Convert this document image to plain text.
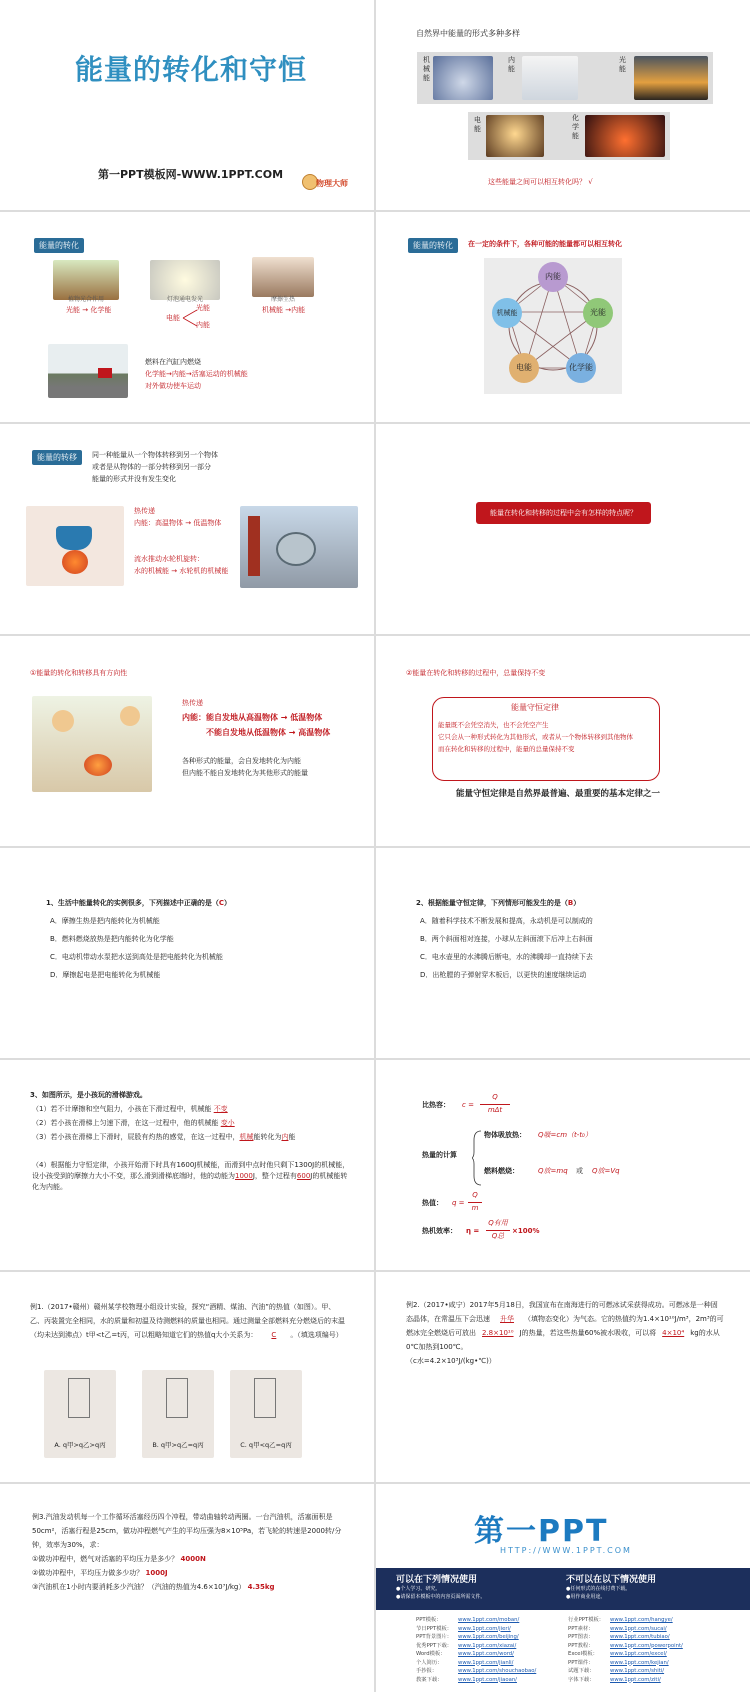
能量的转化和守恒
第一PPT模板网-WWW.1PPT.COM
物理大师
自然界中能量的形式多种多样
机械能
内能
光能
电能
化学能
这些能量之间可以相互转化吗？ √
能量的转化
植物光合作用	灯泡通电发光	摩擦生热
光能 → 化学能
电能
光能
内能
机械能 →内能
燃料在汽缸内燃烧
化学能→内能→活塞运动的机械能
对外做功使车运动
能量的转化	在一定的条件下，各种可能的能量都可以相互转化
内能
光能
化学能
电能
机械能
能量的转移	同一种能量从一个物体转移到另一个物体
或者是从物体的一部分转移到另一部分
能量的形式并没有发生变化
热传递
内能：高温物体 → 低温物体
流水推动水轮机旋转：
水的机械能 → 水轮机的机械能
能量在转化和转移的过程中会有怎样的特点呢？
①能量的转化和转移具有方向性
热传递
内能：能自发地从高温物体 → 低温物体
不能自发地从低温物体 → 高温物体
各种形式的能量，会自发地转化为内能
但内能不能自发地转化为其他形式的能量
②能量在转化和转移的过程中，总量保持不变
能量守恒定律
能量既不会凭空消失，也不会凭空产生
它只会从一种形式转化为其他形式，或者从一个物体转移到其他物体
而在转化和转移的过程中，能量的总量保持不变
能量守恒定律是自然界最普遍、最重要的基本定律之一
1、生活中能量转化的实例很多，下列描述中正确的是（C）
A．摩擦生热是把内能转化为机械能
B．燃料燃烧放热是把内能转化为化学能
C．电动机带动水泵把水送到高处是把电能转化为机械能
D．摩擦起电是把电能转化为机械能
2、根据能量守恒定律，下列情形可能发生的是（B）
A．随着科学技术不断发展和提高，永动机是可以制成的
B．两个斜面相对连接，小球从左斜面滚下后冲上右斜面
C．电水壶里的水沸腾后断电，水的沸腾却一直持续下去
D．出枪膛的子弹射穿木板后，以更快的速度继续运动
3、如图所示，是小孩玩的滑梯游戏。
（1）若不计摩擦和空气阻力，小孩在下滑过程中，机械能 不变
（2）若小孩在滑梯上匀速下滑，在这一过程中，他的机械能 变小
（3）若小孩在滑梯上下滑时，屁股有灼热的感觉，在这一过程中，机械能转化为内能
（4）根据能力守恒定律，小孩开始滑下时具有1600J机械能，而滑到中点时他只剩下1300J的机械能，设小孩受到的摩擦力大小不变，那么滑到滑梯底端时，他的动能为1000J，整个过程有600J的机械能转化为内能。
比热容： c =
Q
mΔt
热量的计算
物体吸放热： Q吸=cm（t-t₀）
燃料燃烧：	Q放=mq 或 Q放=Vq
热值： q =
Q
m
热机效率： η =
Q有用
Q总
×100%
例1.（2017•赣州）赣州某学校物理小组设计实验，探究“酒精、煤油、汽油”的热值（如图）。甲、乙、丙装置完全相同，水的质量和初温及待测燃料的质量也相同。通过测量全部燃料充分燃烧后的末温（均未达到沸点）t甲<t乙=t丙，可以粗略知道它们的热值q大小关系为： C 。（填选项编号）
A. q甲>q乙>q丙	B. q甲>q乙=q丙	C. q甲<q乙=q丙
例2.（2017•咸宁）2017年5月18日，我国宣布在南海进行的可燃冰试采获得成功。可燃冰是一种固态晶体，在常温压下会迅速 升华 （填物态变化）为气态。它的热值约为1.4×10¹⁰J/m³，2m³的可燃冰完全燃烧后可放出 2.8×10¹⁰ J的热量，若这些热量60%被水吸收，可以将 4×10⁴ kg的水从0℃加热到100℃。
（c水=4.2×10³J/(kg•℃)）
例3.汽油发动机每一个工作循环活塞经历四个冲程，带动曲轴转动两圈。一台汽油机，活塞面积是50cm²，活塞行程是25cm，做功冲程燃气产生的平均压强为8×10⁵Pa，若飞轮的转速是2000转/分钟，效率为30%，求：
①做功冲程中，燃气对活塞的平均压力是多少？ 4000N
②做功冲程中，平均压力做多少功？ 1000J
③汽油机在1小时内要消耗多少汽油？（汽油的热值为4.6×10⁷J/kg） 4.35kg
第一PPT
HTTP://WWW.1PPT.COM
可以在下列情况使用
●个人学习、研究。
●请保留本模板中的内容页面所需文件。
不可以在以下情况使用
●任何形式的在线付费下载。
●用作商业用途。
PPT模板：	www.1ppt.com/moban/
节日PPT模板： www.1ppt.com/jieri/
PPT背景图片： www.1ppt.com/beijing/
优秀PPT下载： www.1ppt.com/xiazai/
Word模板： www.1ppt.com/word/
个人简历：	www.1ppt.com/jianli/
手抄报：	www.1ppt.com/shouchaobao/
教案下载：	www.1ppt.com/jiaoan/
行业PPT模板： www.1ppt.com/hangye/
PPT素材：	www.1ppt.com/sucai/
PPT图表：	www.1ppt.com/tubiao/
PPT教程：	www.1ppt.com/powerpoint/
Excel模板： www.1ppt.com/excel/
PPT课件：	www.1ppt.com/kejian/
试题下载：	www.1ppt.com/shiti/
字体下载：	www.1ppt.com/ziti/
